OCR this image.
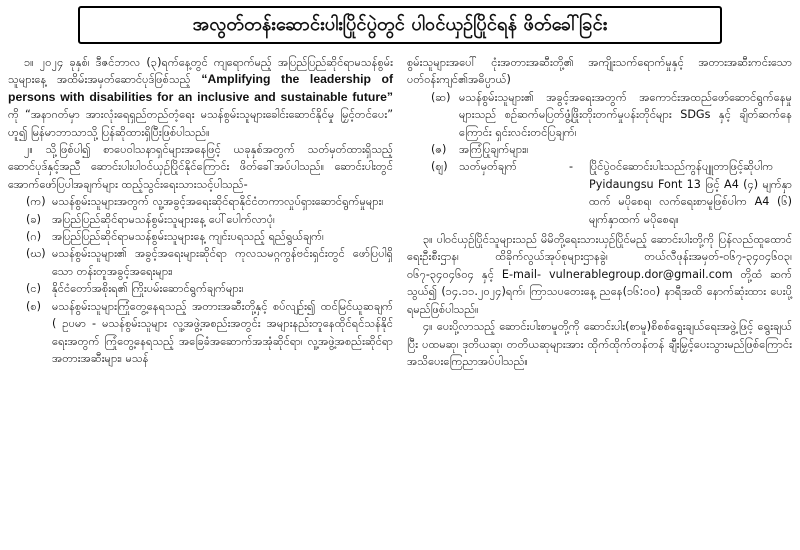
အလွတ်တန်းဆောင်းပါးပြိုင်ပွဲတွင် ပါဝင်ယှဉ်ပြိုင်ရန် ဖိတ်ခေါ်ခြင်း

၁။ ၂၀၂၄ ခုနှစ်၊ ဒီဇင်ဘာလ (၃)ရက်နေ့တွင် ကျရောက်မည့် အပြည်ပြည်ဆိုင်ရာမသန်စွမ်းသူများနေ့ အထိမ်းအမှတ်ဆောင်ပုဒ်ဖြစ်သည့် “Amplifying the leadership of persons with disabilities for an inclusive and sustainable future” ကို “အနာဂတ်မှာ အားလုံးရေရှည်တည်တံ့ရေး မသန်စွမ်းသူများခေါင်းဆောင်နိုင်မှု မြှင့်တင်ပေး” ဟူ၍ မြန်မာဘာသာသို့ ပြန်ဆိုထားရှိပြီးဖြစ်ပါသည်။

၂။ သို့ဖြစ်ပါ၍ စာပေဝါသနာရှင်များအနေဖြင့် ယခုနှစ်အတွက် သတ်မှတ်ထားရှိသည့် ဆောင်ပုဒ်နှင့်အညီ ဆောင်းပါးပါဝင်ယှဉ်ပြိုင်နိုင်ကြောင်း ဖိတ်ခေါ်အပ်ပါသည်။ ဆောင်းပါးတွင် အောက်ဖော်ပြပါအချက်များ ထည့်သွင်းရေးသားသင့်ပါသည်-

(က) မသန်စွမ်းသူများအတွက် လူ့အခွင့်အရေးဆိုင်ရာနိုင်ငံတကာလှုပ်ရှားဆောင်ရွက်မှုများ၊
(ခ) အပြည်ပြည်ဆိုင်ရာမသန်စွမ်းသူများနေ့ ပေါ်ပေါက်လာပုံ၊
(ဂ) အပြည်ပြည်ဆိုင်ရာမသန်စွမ်းသူများနေ့ ကျင်းပရသည့် ရည်ရွယ်ချက်၊
(ဃ) မသန်စွမ်းသူများ၏ အခွင့်အရေးများဆိုင်ရာ ကုလသမဂ္ဂကွန်ဗင်းရှင်းတွင် ဖော်ပြပါရှိသော တန်းတူအခွင့်အရေးများ၊
(င) နိုင်ငံတော်အစိုးရ၏ ကြိုးပမ်းဆောင်ရွက်ချက်များ၊
(စ) မသန်စွမ်းသူများကြုံတွေ့နေရသည့် အတားအဆီးတို့နှင့် စပ်လျဉ်း၍ ထင်မြင်ယူဆချက် ( ဥပမာ - မသန်စွမ်းသူများ လူ့အဖွဲ့အစည်းအတွင်း အများနည်းတူနေထိုင်ရင်သန်နိုင်ရေးအတွက် ကြုံတွေ့နေရသည့် အခြေခံအဆောက်အအုံဆိုင်ရာ၊ လူ့အဖွဲ့အစည်းဆိုင်ရာ အတားအဆီးများ၊ မသန်

စွမ်းသူများအပေါ် ငုံးအတားအဆီးတို့၏ အကျိုးသက်ရောက်မှုနှင့် အတားအဆီးကင်းသော ပတ်ဝန်းကျင်၏အဓိပ္ပာယ်)

(ဆ) မသန်စွမ်းသူများ၏ အခွင့်အရေးအတွက် အကောင်းအထည်ဖော်ဆောင်ရွက်နေမှုများသည် စဉ်ဆက်မပြတ်ဖွံ့ဖြိုးတိုးတက်မှုပန်းတိုင်များ SDGs နှင့် ချိတ်ဆက်နေကြောင်း ရှင်းလင်းတင်ပြချက်၊
(ဇ)	အကြံပြုချက်များ။
(ဈ)	သတ်မှတ်ချက်	-	ပြိုင်ပွဲဝင်ဆောင်းပါးသည်ကွန်ပျူတာဖြင့်ဆိုပါက Pyidaungsu Font 13 ဖြင့် A4 (၄) မျက်နှာထက် မပိုစေရ၊ လက်ရေးစာမူဖြစ်ပါက A4 (၆) မျက်နှာထက် မပိုစေရ။

၃။ ပါဝင်ယှဉ်ပြိုင်သူများသည် မိမိတို့ရေးသားယှဉ်ပြိုင်မည့် ဆောင်းပါးတို့ကို ပြန်လည်ထူထောင်ရေးဦးစီးဌာန၊ ထိခိုက်လွယ်အုပ်စုများဌာနခွဲ၊ တယ်လီဖုန်းအမှတ်-၀၆၇-၃၄၀၄၆၀၃၊ ၀၆၇-၃၄၀၄၆၀၄ နှင့် E-mail- vulnerablegroup.dor@gmail.com တို့ထံ ဆက်သွယ်၍ (၁၄.၁၁.၂၀၂၄)ရက်၊ ကြာသပတေးနေ့ ညနေ(၁၆:၀၀) နာရီအထိ နောက်ဆုံးထား ပေးပို့ရမည်ဖြစ်ပါသည်။

၄။ ပေးပို့လာသည့် ဆောင်းပါးစာမူတို့ကို ဆောင်းပါး(စာမူ)စိစစ်ရွေးချယ်ရေးအဖွဲ့ဖြင့် ရွေးချယ်ပြီး ပထမဆု၊ ဒုတိယဆု၊ တတိယဆုများအား ထိုက်ထိုက်တန်တန် ချီးမြှင့်ပေးသွားမည်ဖြစ်ကြောင်း အသိပေးကြေညာအပ်ပါသည်။
